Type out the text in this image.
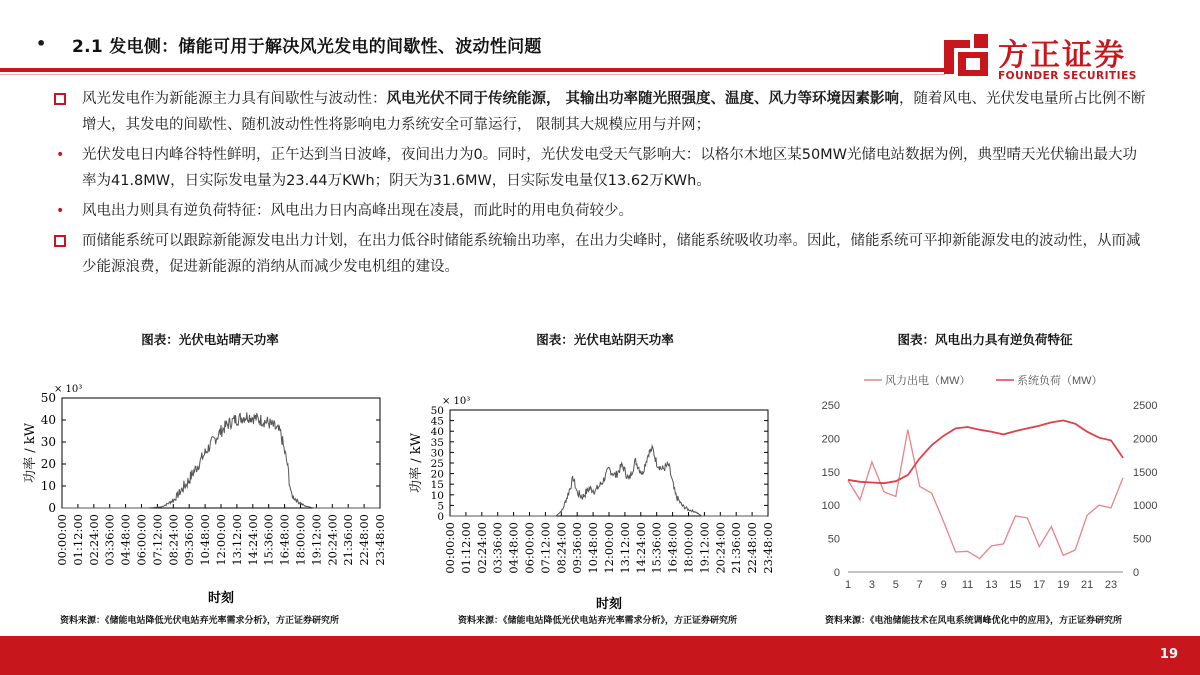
• 2.1 发电侧：储能可用于解决风光发电的间歇性、波动性问题	方正证券
FOUNDER SECURITIES

风光发电作为新能源主力具有间歇性与波动性：风电光伏不同于传统能源， 其输出功率随光照强度、温度、风力等环境因素影响，随着风电、光伏发电量所占比例不断增大，其发电的间歇性、随机波动性性将影响电力系统安全可靠运行， 限制其大规模应用与并网；

• 光伏发电日内峰谷特性鲜明，正午达到当日波峰，夜间出力为0。同时，光伏发电受天气影响大：以格尔木地区某50MW光储电站数据为例，典型晴天光伏输出最大功率为41.8MW，日实际发电量为23.44万KWh；阴天为31.6MW，日实际发电量仅13.62万KWh。

• 风电出力则具有逆负荷特征：风电出力日内高峰出现在凌晨，而此时的用电负荷较少。

而储能系统可以跟踪新能源发电出力计划，在出力低谷时储能系统输出功率，在出力尖峰时，储能系统吸收功率。因此，储能系统可平抑新能源发电的波动性，从而减少能源浪费，促进新能源的消纳从而减少发电机组的建设。

图表：光伏电站晴天功率	图表：光伏电站阴天功率	图表：风电出力具有逆负荷特征
0
10
20
30
40
50
× 10³
00:00:00 01:12:00 02:24:00 03:36:00 04:48:00 06:00:00 07:12:00 08:24:00 09:36:00 10:48:00 12:00:00 13:12:00 14:24:00 15:36:00 16:48:00 18:00:00 19:12:00 20:24:00 21:36:00 22:48:00 23:48:00
时刻
功率 / kW
0
5
10
15
20
25
30
35
40
45
50
× 10³
00:00:00 01:12:00 02:24:00 03:36:00 04:48:00 06:00:00 07:12:00 08:24:00 09:36:00 10:48:00 12:00:00 13:12:00 14:24:00 15:36:00 16:48:00 18:00:00 19:12:00 20:24:00 21:36:00 22:48:00 23:48:00
时刻
功率 / kW
0
50
100
150
200
250
0
500
1000
1500
2000
2500
1 3 5 7 9 11 13 15 17 19 21 23
风力出电（MW）	系统负荷（MW）
资料来源：《储能电站降低光伏电站弃光率需求分析》，方正证券研究所	资料来源：《储能电站降低光伏电站弃光率需求分析》，方正证券研究所	资料来源：《电池储能技术在风电系统调峰优化中的应用》，方正证券研究所
19
